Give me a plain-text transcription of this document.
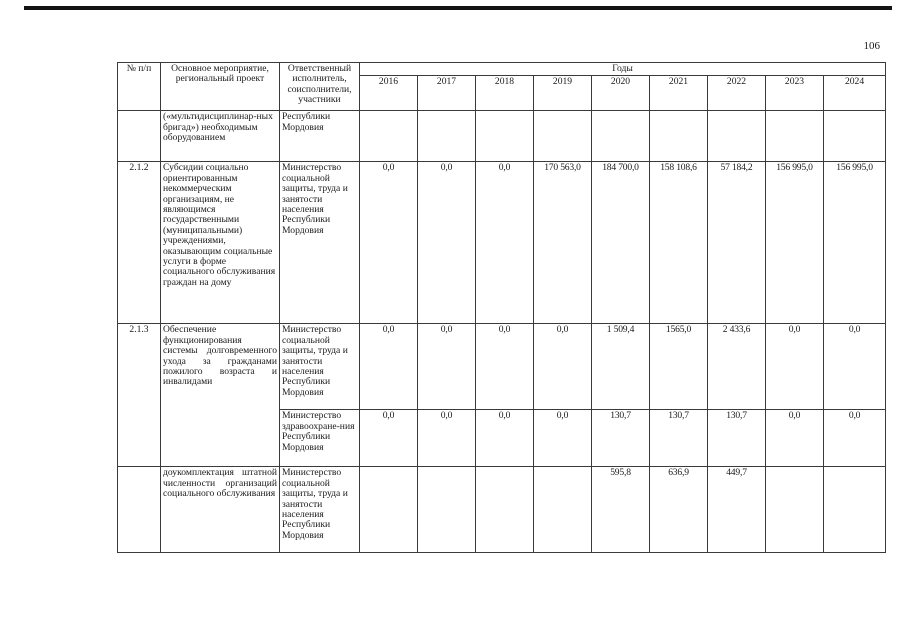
106
№ п/п	Основное мероприятие, региональный проект	Ответственный исполнитель, соисполнители, участники	Годы								
			2016	2017	2018	2019	2020	2021	2022	2023	2024
	(«мультидисциплинар-ных бригад») необходимым оборудованием	Республики Мордовия									
2.1.2	Субсидии социально ориентированным некоммерческим организациям, не являющимся государственными (муниципальными) учреждениями, оказывающим социальные услуги в форме социального обслуживания граждан на дому	Министерство социальной защиты, труда и занятости населения Республики Мордовия	0,0	0,0	0,0	170 563,0	184 700,0	158 108,6	57 184,2	156 995,0	156 995,0
2.1.3	Обеспечение функционирования системы долговременного ухода за гражданами пожилого возраста и инвалидами	Министерство социальной защиты, труда и занятости населения Республики Мордовия	0,0	0,0	0,0	0,0	1 509,4	1565,0	2 433,6	0,0	0,0
		Министерство здравоохране-ния Республики Мордовия	0,0	0,0	0,0	0,0	130,7	130,7	130,7	0,0	0,0
	доукомплектация штатной численности организаций социального обслуживания	Министерство социальной защиты, труда и занятости населения Республики Мордовия					595,8	636,9	449,7		
